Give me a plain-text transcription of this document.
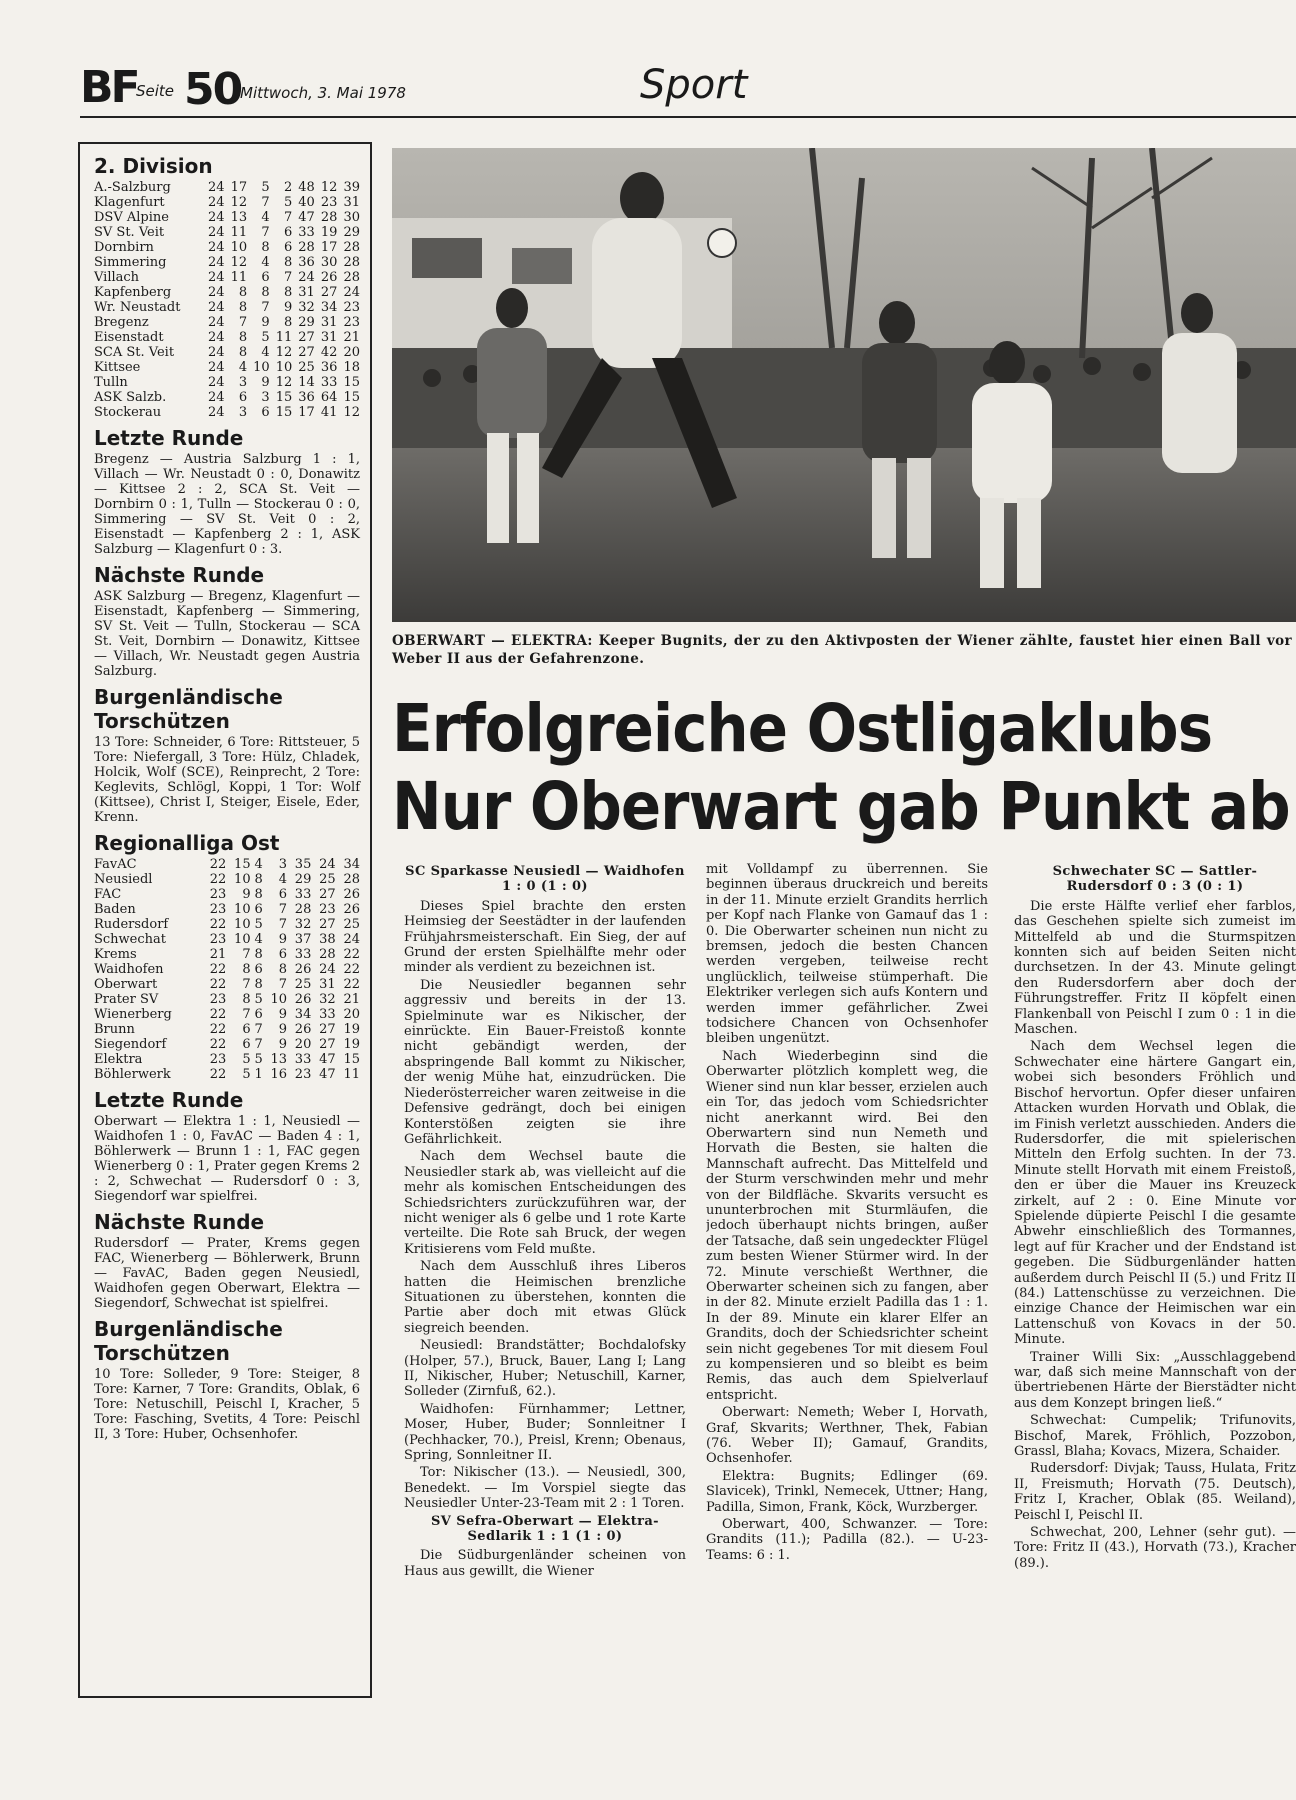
BF
Seite 50
Mittwoch, 3. Mai 1978	Sport
2. Division
A.-Salzburg	24	17	5	2	48	12	39
Klagenfurt	24	12	7	5	40	23	31
DSV Alpine	24	13	4	7	47	28	30
SV St. Veit	24	11	7	6	33	19	29
Dornbirn	24	10	8	6	28	17	28
Simmering	24	12	4	8	36	30	28
Villach	24	11	6	7	24	26	28
Kapfenberg	24	8	8	8	31	27	24
Wr. Neustadt	24	8	7	9	32	34	23
Bregenz	24	7	9	8	29	31	23
Eisenstadt	24	8	5	11	27	31	21
SCA St. Veit	24	8	4	12	27	42	20
Kittsee	24	4	10	10	25	36	18
Tulln	24	3	9	12	14	33	15
ASK Salzb.	24	6	3	15	36	64	15
Stockerau	24	3	6	15	17	41	12
Letzte Runde

Bregenz — Austria Salzburg 1 : 1, Villach — Wr. Neustadt 0 : 0, Donawitz — Kittsee 2 : 2, SCA St. Veit — Dornbirn 0 : 1, Tulln — Stockerau 0 : 0, Simmering — SV St. Veit 0 : 2, Eisenstadt — Kapfenberg 2 : 1, ASK Salzburg — Klagenfurt 0 : 3.

Nächste Runde

ASK Salzburg — Bregenz, Klagenfurt — Eisenstadt, Kapfenberg — Simmering, SV St. Veit — Tulln, Stockerau — SCA St. Veit, Dornbirn — Donawitz, Kittsee — Villach, Wr. Neustadt gegen Austria Salzburg.

Burgenländische Torschützen

13 Tore: Schneider, 6 Tore: Rittsteuer, 5 Tore: Niefergall, 3 Tore: Hülz, Chladek, Holcik, Wolf (SCE), Reinprecht, 2 Tore: Keglevits, Schlögl, Koppi, 1 Tor: Wolf (Kittsee), Christ I, Steiger, Eisele, Eder, Krenn.

Regionalliga Ost
FavAC	22	15	4	3	35	24	34
Neusiedl	22	10	8	4	29	25	28
FAC	23	9	8	6	33	27	26
Baden	23	10	6	7	28	23	26
Rudersdorf	22	10	5	7	32	27	25
Schwechat	23	10	4	9	37	38	24
Krems	21	7	8	6	33	28	22
Waidhofen	22	8	6	8	26	24	22
Oberwart	22	7	8	7	25	31	22
Prater SV	23	8	5	10	26	32	21
Wienerberg	22	7	6	9	34	33	20
Brunn	22	6	7	9	26	27	19
Siegendorf	22	6	7	9	20	27	19
Elektra	23	5	5	13	33	47	15
Böhlerwerk	22	5	1	16	23	47	11
Letzte Runde

Oberwart — Elektra 1 : 1, Neusiedl — Waidhofen 1 : 0, FavAC — Baden 4 : 1, Böhlerwerk — Brunn 1 : 1, FAC gegen Wienerberg 0 : 1, Prater gegen Krems 2 : 2, Schwechat — Rudersdorf 0 : 3, Siegendorf war spielfrei.

Nächste Runde

Rudersdorf — Prater, Krems gegen FAC, Wienerberg — Böhlerwerk, Brunn — FavAC, Baden gegen Neusiedl, Waidhofen gegen Oberwart, Elektra — Siegendorf, Schwechat ist spielfrei.

Burgenländische Torschützen

10 Tore: Solleder, 9 Tore: Steiger, 8 Tore: Karner, 7 Tore: Grandits, Oblak, 6 Tore: Netuschill, Peischl I, Kracher, 5 Tore: Fasching, Svetits, 4 Tore: Peischl II, 3 Tore: Huber, Ochsenhofer.

OBERWART — ELEKTRA: Keeper Bugnits, der zu den Aktivposten der Wiener zählte, faustet hier einen Ball vor Weber II aus der Gefahrenzone.
Erfolgreiche Ostligaklubs
Nur Oberwart gab Punkt ab

SC Sparkasse Neusiedl — Waidhofen 1 : 0 (1 : 0)

Dieses Spiel brachte den ersten Heimsieg der Seestädter in der laufenden Frühjahrsmeisterschaft. Ein Sieg, der auf Grund der ersten Spielhälfte mehr oder minder als verdient zu bezeichnen ist.

Die Neusiedler begannen sehr aggressiv und bereits in der 13. Spielminute war es Nikischer, der einrückte. Ein Bauer-Freistoß konnte nicht gebändigt werden, der abspringende Ball kommt zu Nikischer, der wenig Mühe hat, einzudrücken. Die Niederösterreicher waren zeitweise in die Defensive gedrängt, doch bei einigen Konterstößen zeigten sie ihre Gefährlichkeit.

Nach dem Wechsel baute die Neusiedler stark ab, was vielleicht auf die mehr als komischen Entscheidungen des Schiedsrichters zurückzuführen war, der nicht weniger als 6 gelbe und 1 rote Karte verteilte. Die Rote sah Bruck, der wegen Kritisierens vom Feld mußte.

Nach dem Ausschluß ihres Liberos hatten die Heimischen brenzliche Situationen zu überstehen, konnten die Partie aber doch mit etwas Glück siegreich beenden.

Neusiedl: Brandstätter; Bochdalofsky (Holper, 57.), Bruck, Bauer, Lang I; Lang II, Nikischer, Huber; Netuschill, Karner, Solleder (Zirnfuß, 62.).

Waidhofen: Fürnhammer; Lettner, Moser, Huber, Buder; Sonnleitner I (Pechhacker, 70.), Preisl, Krenn; Obenaus, Spring, Sonnleitner II.

Tor: Nikischer (13.). — Neusiedl, 300, Benedekt. — Im Vorspiel siegte das Neusiedler Unter-23-Team mit 2 : 1 Toren.

SV Sefra-Oberwart — Elektra-Sedlarik 1 : 1 (1 : 0)

Die Südburgenländer scheinen von Haus aus gewillt, die Wiener

mit Volldampf zu überrennen. Sie beginnen überaus druckreich und bereits in der 11. Minute erzielt Grandits herrlich per Kopf nach Flanke von Gamauf das 1 : 0. Die Oberwarter scheinen nun nicht zu bremsen, jedoch die besten Chancen werden vergeben, teilweise recht unglücklich, teilweise stümperhaft. Die Elektriker verlegen sich aufs Kontern und werden immer gefährlicher. Zwei todsichere Chancen von Ochsenhofer bleiben ungenützt.

Nach Wiederbeginn sind die Oberwarter plötzlich komplett weg, die Wiener sind nun klar besser, erzielen auch ein Tor, das jedoch vom Schiedsrichter nicht anerkannt wird. Bei den Oberwartern sind nun Nemeth und Horvath die Besten, sie halten die Mannschaft aufrecht. Das Mittelfeld und der Sturm verschwinden mehr und mehr von der Bildfläche. Skvarits versucht es ununterbrochen mit Sturmläufen, die jedoch überhaupt nichts bringen, außer der Tatsache, daß sein ungedeckter Flügel zum besten Wiener Stürmer wird. In der 72. Minute verschießt Werthner, die Oberwarter scheinen sich zu fangen, aber in der 82. Minute erzielt Padilla das 1 : 1. In der 89. Minute ein klarer Elfer an Grandits, doch der Schiedsrichter scheint sein nicht gegebenes Tor mit diesem Foul zu kompensieren und so bleibt es beim Remis, das auch dem Spielverlauf entspricht.

Oberwart: Nemeth; Weber I, Horvath, Graf, Skvarits; Werthner, Thek, Fabian (76. Weber II); Gamauf, Grandits, Ochsenhofer.

Elektra: Bugnits; Edlinger (69. Slavicek), Trinkl, Nemecek, Uttner; Hang, Padilla, Simon, Frank, Köck, Wurzberger.

Oberwart, 400, Schwanzer. — Tore: Grandits (11.); Padilla (82.). — U-23-Teams: 6 : 1.

Schwechater SC — Sattler-Rudersdorf 0 : 3 (0 : 1)

Die erste Hälfte verlief eher farblos, das Geschehen spielte sich zumeist im Mittelfeld ab und die Sturmspitzen konnten sich auf beiden Seiten nicht durchsetzen. In der 43. Minute gelingt den Rudersdorfern aber doch der Führungstreffer. Fritz II köpfelt einen Flankenball von Peischl I zum 0 : 1 in die Maschen.

Nach dem Wechsel legen die Schwechater eine härtere Gangart ein, wobei sich besonders Fröhlich und Bischof hervortun. Opfer dieser unfairen Attacken wurden Horvath und Oblak, die im Finish verletzt ausschieden. Anders die Rudersdorfer, die mit spielerischen Mitteln den Erfolg suchten. In der 73. Minute stellt Horvath mit einem Freistoß, den er über die Mauer ins Kreuzeck zirkelt, auf 2 : 0. Eine Minute vor Spielende düpierte Peischl I die gesamte Abwehr einschließlich des Tormannes, legt auf für Kracher und der Endstand ist gegeben. Die Südburgenländer hatten außerdem durch Peischl II (5.) und Fritz II (84.) Lattenschüsse zu verzeichnen. Die einzige Chance der Heimischen war ein Lattenschuß von Kovacs in der 50. Minute.

Trainer Willi Six: „Ausschlaggebend war, daß sich meine Mannschaft von der übertriebenen Härte der Bierstädter nicht aus dem Konzept bringen ließ.“

Schwechat: Cumpelik; Trifunovits, Bischof, Marek, Fröhlich, Pozzobon, Grassl, Blaha; Kovacs, Mizera, Schaider.

Rudersdorf: Divjak; Tauss, Hulata, Fritz II, Freismuth; Horvath (75. Deutsch), Fritz I, Kracher, Oblak (85. Weiland), Peischl I, Peischl II.

Schwechat, 200, Lehner (sehr gut). — Tore: Fritz II (43.), Horvath (73.), Kracher (89.).
